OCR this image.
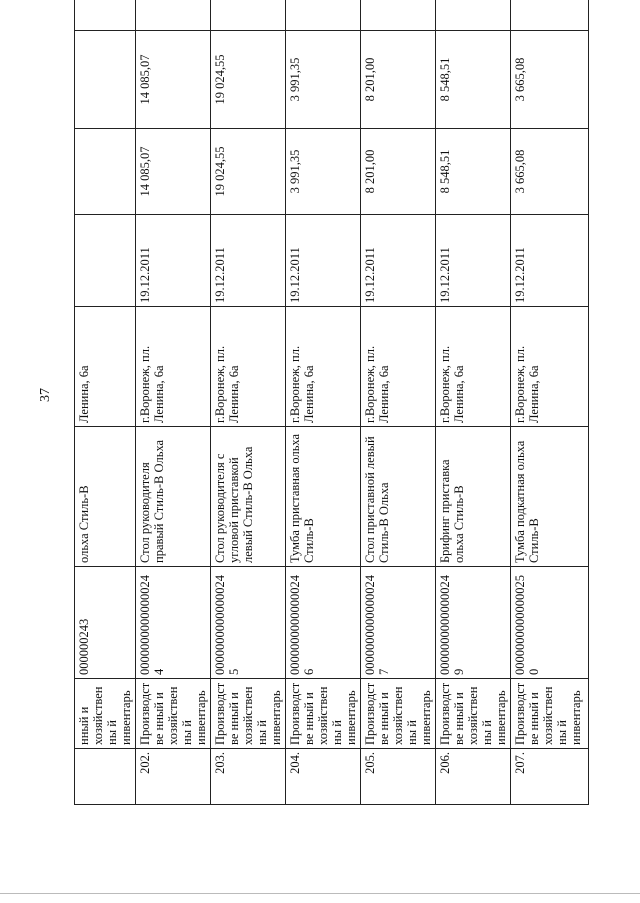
37
	нный и хозяйственны й инвентарь	000000243	ольха Стиль-В	Ленина, 6а				
202.	Производстве нный и хозяйственны й инвентарь	00000000000000244	Стол руководителя правый Стиль-В Ольха	г.Воронеж, пл. Ленина, 6а	19.12.2011	14 085,07	14 085,07	
203.	Производстве нный и хозяйственны й инвентарь	00000000000000245	Стол руководителя с угловой приставкой левый Стиль-В Ольха	г.Воронеж, пл. Ленина, 6а	19.12.2011	19 024,55	19 024,55	
204.	Производстве нный и хозяйственны й инвентарь	00000000000000246	Тумба приставная ольха Стиль-В	г.Воронеж, пл. Ленина, 6а	19.12.2011	3 991,35	3 991,35	
205.	Производстве нный и хозяйственны й инвентарь	00000000000000247	Стол приставной левый Стиль-В Ольха	г.Воронеж, пл. Ленина, 6а	19.12.2011	8 201,00	8 201,00	
206.	Производстве нный и хозяйственны й инвентарь	00000000000000249	Брифинг приставка ольха Стиль-В	г.Воронеж, пл. Ленина, 6а	19.12.2011	8 548,51	8 548,51	
207.	Производстве нный и хозяйственны й инвентарь	00000000000000250	Тумба подкатная ольха Стиль-В	г.Воронеж, пл. Ленина, 6а	19.12.2011	3 665,08	3 665,08	
